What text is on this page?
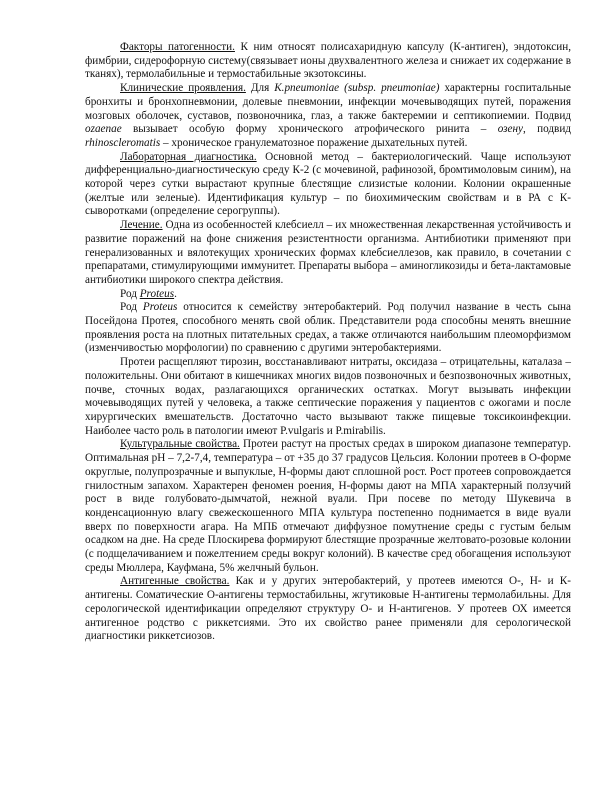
Факторы патогенности. К ним относят полисахаридную капсулу (К-антиген), эндотоксин, фимбрии, сидерофорную систему(связывает ионы двухвалентного железа и снижает их содержание в тканях), термолабильные и термостабильные экзотоксины.

Клинические проявления. Для K.pneumoniae (subsp. pneumoniae) характерны госпитальные бронхиты и бронхопневмонии, долевые пневмонии, инфекции мочевыводящих путей, поражения мозговых оболочек, суставов, позвоночника, глаз, а также бактеремии и септикопиемии. Подвид ozaenae вызывает особую форму хронического атрофического ринита – озену, подвид rhinoscleromatis – хроническое гранулематозное поражение дыхательных путей.

Лабораторная диагностика. Основной метод – бактериологический. Чаще используют дифференциально-диагностическую среду К-2 (с мочевиной, рафинозой, бромтимоловым синим), на которой через сутки вырастают крупные блестящие слизистые колонии. Колонии окрашенные (желтые или зеленые). Идентификация культур – по биохимическим свойствам и в РА с К-сыворотками (определение серогруппы).

Лечение. Одна из особенностей клебсиелл – их множественная лекарственная устойчивость и развитие поражений на фоне снижения резистентности организма. Антибиотики применяют при генерализованных и вялотекущих хронических формах клебсиеллезов, как правило, в сочетании с препаратами, стимулирующими иммунитет. Препараты выбора – аминогликозиды и бета-лактамовые антибиотики широкого спектра действия.

Род Proteus.

Род Proteus относится к семейству энтеробактерий. Род получил название в честь сына Посейдона Протея, способного менять свой облик. Представители рода способны менять внешние проявления роста на плотных питательных средах, а также отличаются наибольшим плеоморфизмом (изменчивостью морфологии) по сравнению с другими энтеробактериями.

Протеи расщепляют тирозин, восстанавливают нитраты, оксидаза – отрицательны, каталаза – положительны. Они обитают в кишечниках многих видов позвоночных и безпозвоночных животных, почве, сточных водах, разлагающихся органических остатках. Могут вызывать инфекции мочевыводящих путей у человека, а также септические поражения у пациентов с ожогами и после хирургических вмешательств. Достаточно часто вызывают также пищевые токсикоинфекции. Наиболее часто роль в патологии имеют P.vulgaris и P.mirabilis.

Культуральные свойства. Протеи растут на простых средах в широком диапазоне температур. Оптимальная pH – 7,2-7,4, температура – от +35 до 37 градусов Цельсия. Колонии протеев в О-форме округлые, полупрозрачные и выпуклые, Н-формы дают сплошной рост. Рост протеев сопровождается гнилостным запахом. Характерен феномен роения, Н-формы дают на МПА характерный ползучий рост в виде голубовато-дымчатой, нежной вуали. При посеве по методу Шукевича в конденсационную влагу свежескошенного МПА культура постепенно поднимается в виде вуали вверх по поверхности агара. На МПБ отмечают диффузное помутнение среды с густым белым осадком на дне. На среде Плоскирева формируют блестящие прозрачные желтовато-розовые колонии (с подщелачиванием и пожелтением среды вокруг колоний). В качестве сред обогащения используют среды Мюллера, Кауфмана, 5% желчный бульон.

Антигенные свойства. Как и у других энтеробактерий, у протеев имеются О-, Н- и К-антигены. Соматические О-антигены термостабильны, жгутиковые Н-антигены термолабильны. Для серологической идентификации определяют структуру О- и Н-антигенов. У протеев ОХ имеется антигенное родство с риккетсиями. Это их свойство ранее применяли для серологической диагностики риккетсиозов.
